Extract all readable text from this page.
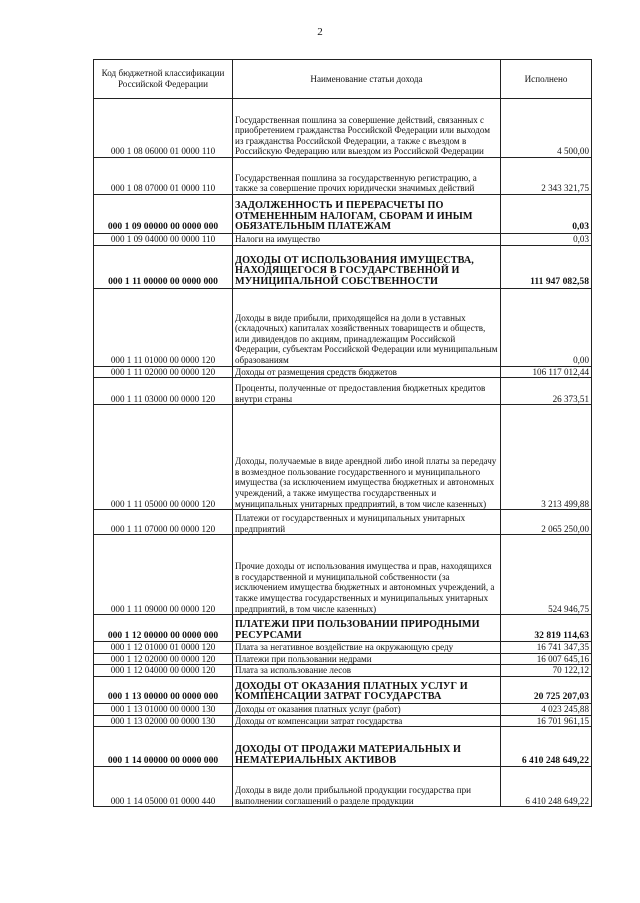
2
Код бюджетной классификации Российской Федерации	Наименование статьи дохода	Исполнено
000 1 08 06000 01 0000 110	Государственная пошлина за совершение действий, связанных с приобретением гражданства Российской Федерации или выходом из гражданства Российской Федерации, а также с въездом в Российскую Федерацию или выездом из Российской Федерации	4 500,00
000 1 08 07000 01 0000 110	Государственная пошлина за государственную регистрацию, а также за совершение прочих юридически значимых действий	2 343 321,75
000 1 09 00000 00 0000 000	ЗАДОЛЖЕННОСТЬ И ПЕРЕРАСЧЕТЫ ПО ОТМЕНЕННЫМ НАЛОГАМ, СБОРАМ И ИНЫМ ОБЯЗАТЕЛЬНЫМ ПЛАТЕЖАМ	0,03
000 1 09 04000 00 0000 110	Налоги на имущество	0,03
000 1 11 00000 00 0000 000	ДОХОДЫ ОТ ИСПОЛЬЗОВАНИЯ ИМУЩЕСТВА, НАХОДЯЩЕГОСЯ В ГОСУДАРСТВЕННОЙ И МУНИЦИПАЛЬНОЙ СОБСТВЕННОСТИ	111 947 082,58
000 1 11 01000 00 0000 120	Доходы в виде прибыли, приходящейся на доли в уставных (складочных) капиталах хозяйственных товариществ и обществ, или дивидендов по акциям, принадлежащим Российской Федерации, субъектам Российской Федерации или муниципальным образованиям	0,00
000 1 11 02000 00 0000 120	Доходы от размещения средств бюджетов	106 117 012,44
000 1 11 03000 00 0000 120	Проценты, полученные от предоставления бюджетных кредитов внутри страны	26 373,51
000 1 11 05000 00 0000 120	Доходы, получаемые в виде арендной либо иной платы за передачу в возмездное пользование государственного и муниципального имущества (за исключением имущества бюджетных и автономных учреждений, а также имущества государственных и муниципальных унитарных предприятий, в том числе казенных)	3 213 499,88
000 1 11 07000 00 0000 120	Платежи от государственных и муниципальных унитарных предприятий	2 065 250,00
000 1 11 09000 00 0000 120	Прочие доходы от использования имущества и прав, находящихся в государственной и муниципальной собственности (за исключением имущества бюджетных и автономных учреждений, а также имущества государственных и муниципальных унитарных предприятий, в том числе казенных)	524 946,75
000 1 12 00000 00 0000 000	ПЛАТЕЖИ ПРИ ПОЛЬЗОВАНИИ ПРИРОДНЫМИ РЕСУРСАМИ	32 819 114,63
000 1 12 01000 01 0000 120	Плата за негативное воздействие на окружающую среду	16 741 347,35
000 1 12 02000 00 0000 120	Платежи при пользовании недрами	16 007 645,16
000 1 12 04000 00 0000 120	Плата за использование лесов	70 122,12
000 1 13 00000 00 0000 000	ДОХОДЫ ОТ ОКАЗАНИЯ ПЛАТНЫХ УСЛУГ И КОМПЕНСАЦИИ ЗАТРАТ ГОСУДАРСТВА	20 725 207,03
000 1 13 01000 00 0000 130	Доходы от оказания платных услуг (работ)	4 023 245,88
000 1 13 02000 00 0000 130	Доходы от компенсации затрат государства	16 701 961,15
000 1 14 00000 00 0000 000	ДОХОДЫ ОТ ПРОДАЖИ МАТЕРИАЛЬНЫХ И НЕМАТЕРИАЛЬНЫХ АКТИВОВ	6 410 248 649,22
000 1 14 05000 01 0000 440	Доходы в виде доли прибыльной продукции государства при выполнении соглашений о разделе продукции	6 410 248 649,22
